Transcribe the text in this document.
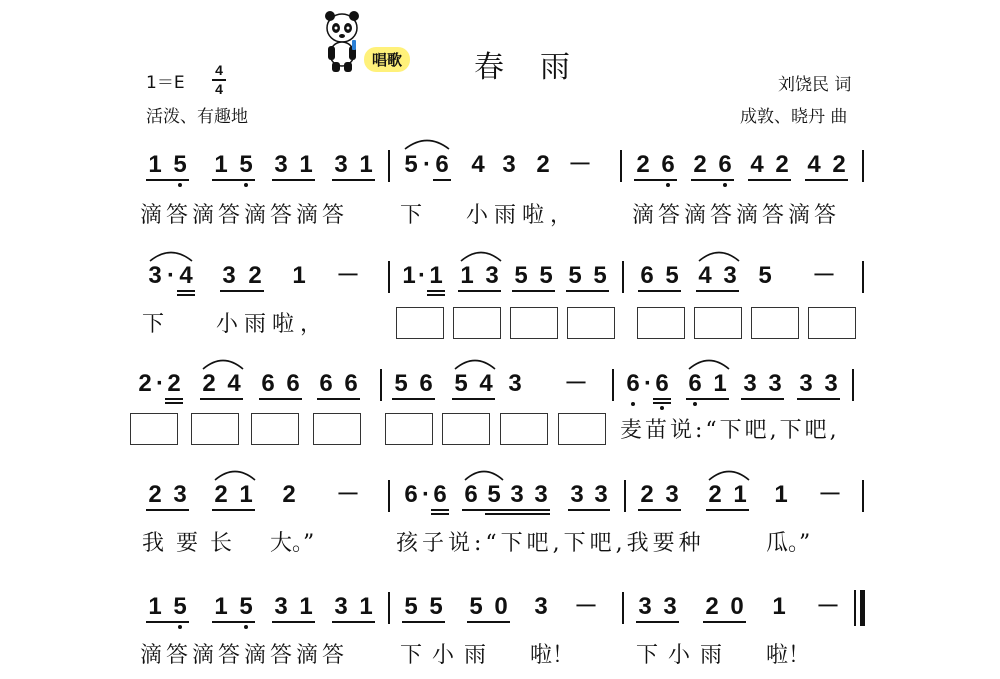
唱歌 春雨
1＝E
4
4
活泼、有趣地
刘饶民 词
成敦、晓丹 曲
1 5 1 5 3 1 3 1 5 · 6 4 3 2 － 2 6 2 6 4 2 4 2
滴答滴答滴答滴答 下 小雨啦， 滴答滴答滴答滴答
3 · 4 3 2 1 － 1 · 1 1 3 5 5 5 5 6 5 4 3 5 －
下 小雨啦，
2 · 2 2 4 6 6 6 6 5 6 5 4 3 － 6 · 6 6 1 3 3 3 3
麦苗说:“下吧,下吧,
2 3 2 1 2 － 6 · 6 6 5 3 3 3 3 2 3 2 1 1 －
我要长 大。”	孩子说:“下吧,下吧,我要种	瓜。”
1 5 1 5 3 1 3 1 5 5 5 0 3 － 3 3 2 0 1 －
滴答滴答滴答滴答 下小雨 啦！	下小雨 啦！
